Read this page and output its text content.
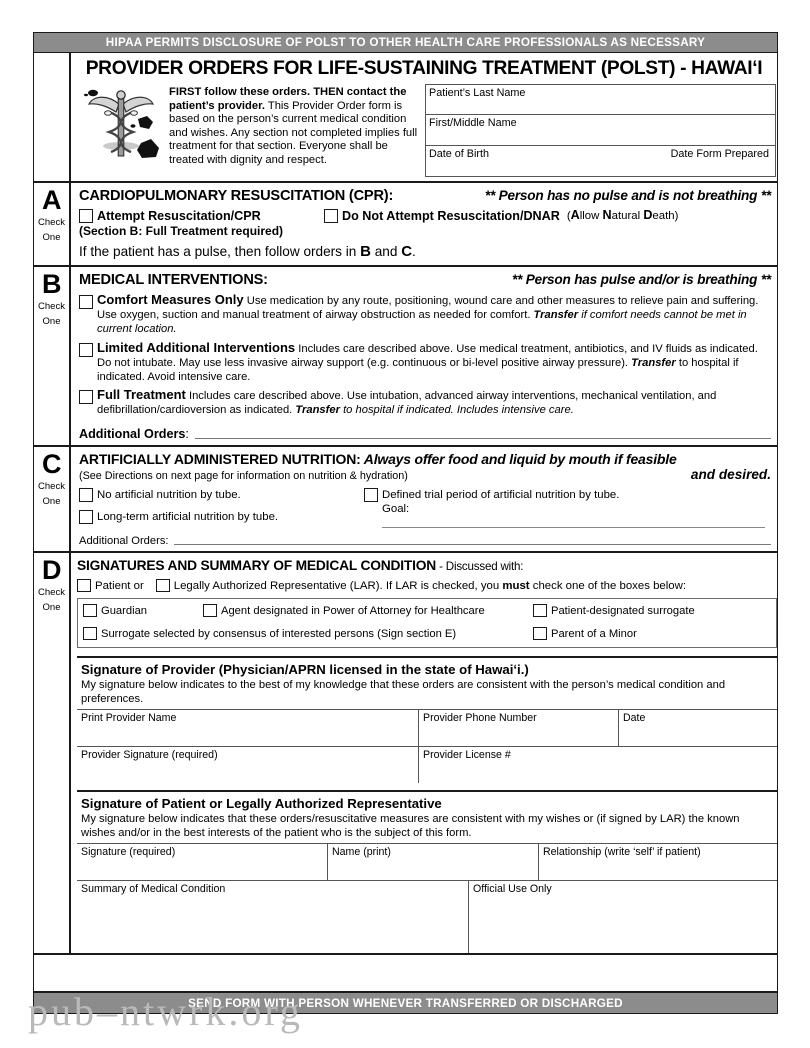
pub–ntwrk.org
HIPAA PERMITS DISCLOSURE OF POLST TO OTHER HEALTH CARE PROFESSIONALS AS NECESSARY
PROVIDER ORDERS FOR LIFE-SUSTAINING TREATMENT (POLST) - HAWAIʻI
FIRST follow these orders. THEN contact the patient’s provider. This Provider Order form is based on the person’s current medical condition and wishes. Any section not completed implies full treatment for that section. Everyone shall be treated with dignity and respect.
Patient’s Last Name
First/Middle Name
Date of Birth	Date Form Prepared
A
Check
One
CARDIOPULMONARY RESUSCITATION (CPR):	** Person has no pulse and is not breathing **
Attempt Resuscitation/CPR	Do Not Attempt Resuscitation/DNAR (Allow Natural Death)
(Section B: Full Treatment required)
If the patient has a pulse, then follow orders in B and C.
B
Check
One
MEDICAL INTERVENTIONS:	** Person has pulse and/or is breathing **
Comfort Measures Only Use medication by any route, positioning, wound care and other measures to relieve pain and suffering. Use oxygen, suction and manual treatment of airway obstruction as needed for comfort. Transfer if comfort needs cannot be met in current location.
Limited Additional Interventions Includes care described above. Use medical treatment, antibiotics, and IV fluids as indicated. Do not intubate. May use less invasive airway support (e.g. continuous or bi-level positive airway pressure). Transfer to hospital if indicated. Avoid intensive care.
Full Treatment Includes care described above. Use intubation, advanced airway interventions, mechanical ventilation, and defibrillation/cardioversion as indicated. Transfer to hospital if indicated. Includes intensive care.
Additional Orders:
C
Check
One
ARTIFICIALLY ADMINISTERED NUTRITION: Always offer food and liquid by mouth if feasible
(See Directions on next page for information on nutrition & hydration)	and desired.
No artificial nutrition by tube.
Long-term artificial nutrition by tube.
Defined trial period of artificial nutrition by tube.
Goal:
Additional Orders:
D
Check
One
SIGNATURES AND SUMMARY OF MEDICAL CONDITION - Discussed with:
Patient or	Legally Authorized Representative (LAR). If LAR is checked, you must check one of the boxes below:
Guardian	Agent designated in Power of Attorney for Healthcare	Patient-designated surrogate
Surrogate selected by consensus of interested persons (Sign section E)	Parent of a Minor
Signature of Provider (Physician/APRN licensed in the state of Hawaiʻi.)
My signature below indicates to the best of my knowledge that these orders are consistent with the person’s medical condition and preferences.
Print Provider Name	Provider Phone Number	Date
Provider Signature (required)	Provider License #
Signature of Patient or Legally Authorized Representative
My signature below indicates that these orders/resuscitative measures are consistent with my wishes or (if signed by LAR) the known wishes and/or in the best interests of the patient who is the subject of this form.
Signature (required)	Name (print)	Relationship (write ‘self’ if patient)
Summary of Medical Condition	Official Use Only
SEND FORM WITH PERSON WHENEVER TRANSFERRED OR DISCHARGED
